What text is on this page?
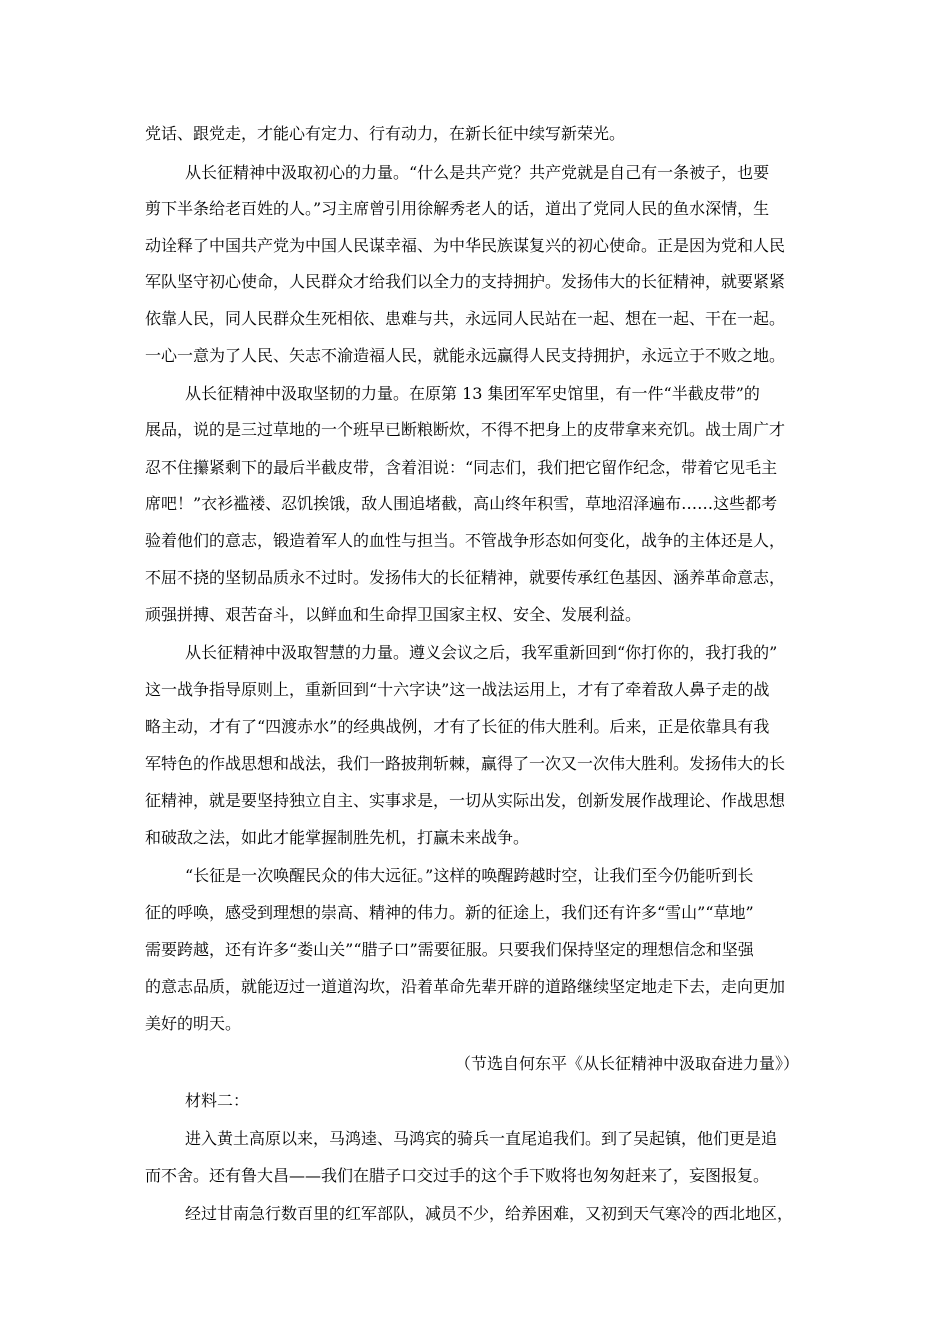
党话、跟党走，才能心有定力、行有动力，在新长征中续写新荣光。
从长征精神中汲取初心的力量。“什么是共产党？共产党就是自己有一条被子，也要
剪下半条给老百姓的人。”习主席曾引用徐解秀老人的话，道出了党同人民的鱼水深情，生
动诠释了中国共产党为中国人民谋幸福、为中华民族谋复兴的初心使命。正是因为党和人民
军队坚守初心使命，人民群众才给我们以全力的支持拥护。发扬伟大的长征精神，就要紧紧
依靠人民，同人民群众生死相依、患难与共，永远同人民站在一起、想在一起、干在一起。
一心一意为了人民、矢志不渝造福人民，就能永远赢得人民支持拥护，永远立于不败之地。
从长征精神中汲取坚韧的力量。在原第 13 集团军军史馆里，有一件“半截皮带”的
展品，说的是三过草地的一个班早已断粮断炊，不得不把身上的皮带拿来充饥。战士周广才
忍不住攥紧剩下的最后半截皮带，含着泪说：“同志们，我们把它留作纪念，带着它见毛主
席吧！”衣衫褴褛、忍饥挨饿，敌人围追堵截，高山终年积雪，草地沼泽遍布……这些都考
验着他们的意志，锻造着军人的血性与担当。不管战争形态如何变化，战争的主体还是人，
不屈不挠的坚韧品质永不过时。发扬伟大的长征精神，就要传承红色基因、涵养革命意志，
顽强拼搏、艰苦奋斗，以鲜血和生命捍卫国家主权、安全、发展利益。
从长征精神中汲取智慧的力量。遵义会议之后，我军重新回到“你打你的，我打我的”
这一战争指导原则上，重新回到“十六字诀”这一战法运用上，才有了牵着敌人鼻子走的战
略主动，才有了“四渡赤水”的经典战例，才有了长征的伟大胜利。后来，正是依靠具有我
军特色的作战思想和战法，我们一路披荆斩棘，赢得了一次又一次伟大胜利。发扬伟大的长
征精神，就是要坚持独立自主、实事求是，一切从实际出发，创新发展作战理论、作战思想
和破敌之法，如此才能掌握制胜先机，打赢未来战争。
“长征是一次唤醒民众的伟大远征。”这样的唤醒跨越时空，让我们至今仍能听到长
征的呼唤，感受到理想的崇高、精神的伟力。新的征途上，我们还有许多“雪山”“草地”
需要跨越，还有许多“娄山关”“腊子口”需要征服。只要我们保持坚定的理想信念和坚强
的意志品质，就能迈过一道道沟坎，沿着革命先辈开辟的道路继续坚定地走下去，走向更加
美好的明天。
（节选自何东平《从长征精神中汲取奋进力量》）
材料二：
进入黄土高原以来，马鸿逵、马鸿宾的骑兵一直尾追我们。到了吴起镇，他们更是追
而不舍。还有鲁大昌——我们在腊子口交过手的这个手下败将也匆匆赶来了，妄图报复。
经过甘南急行数百里的红军部队，减员不少，给养困难，又初到天气寒冷的西北地区，
